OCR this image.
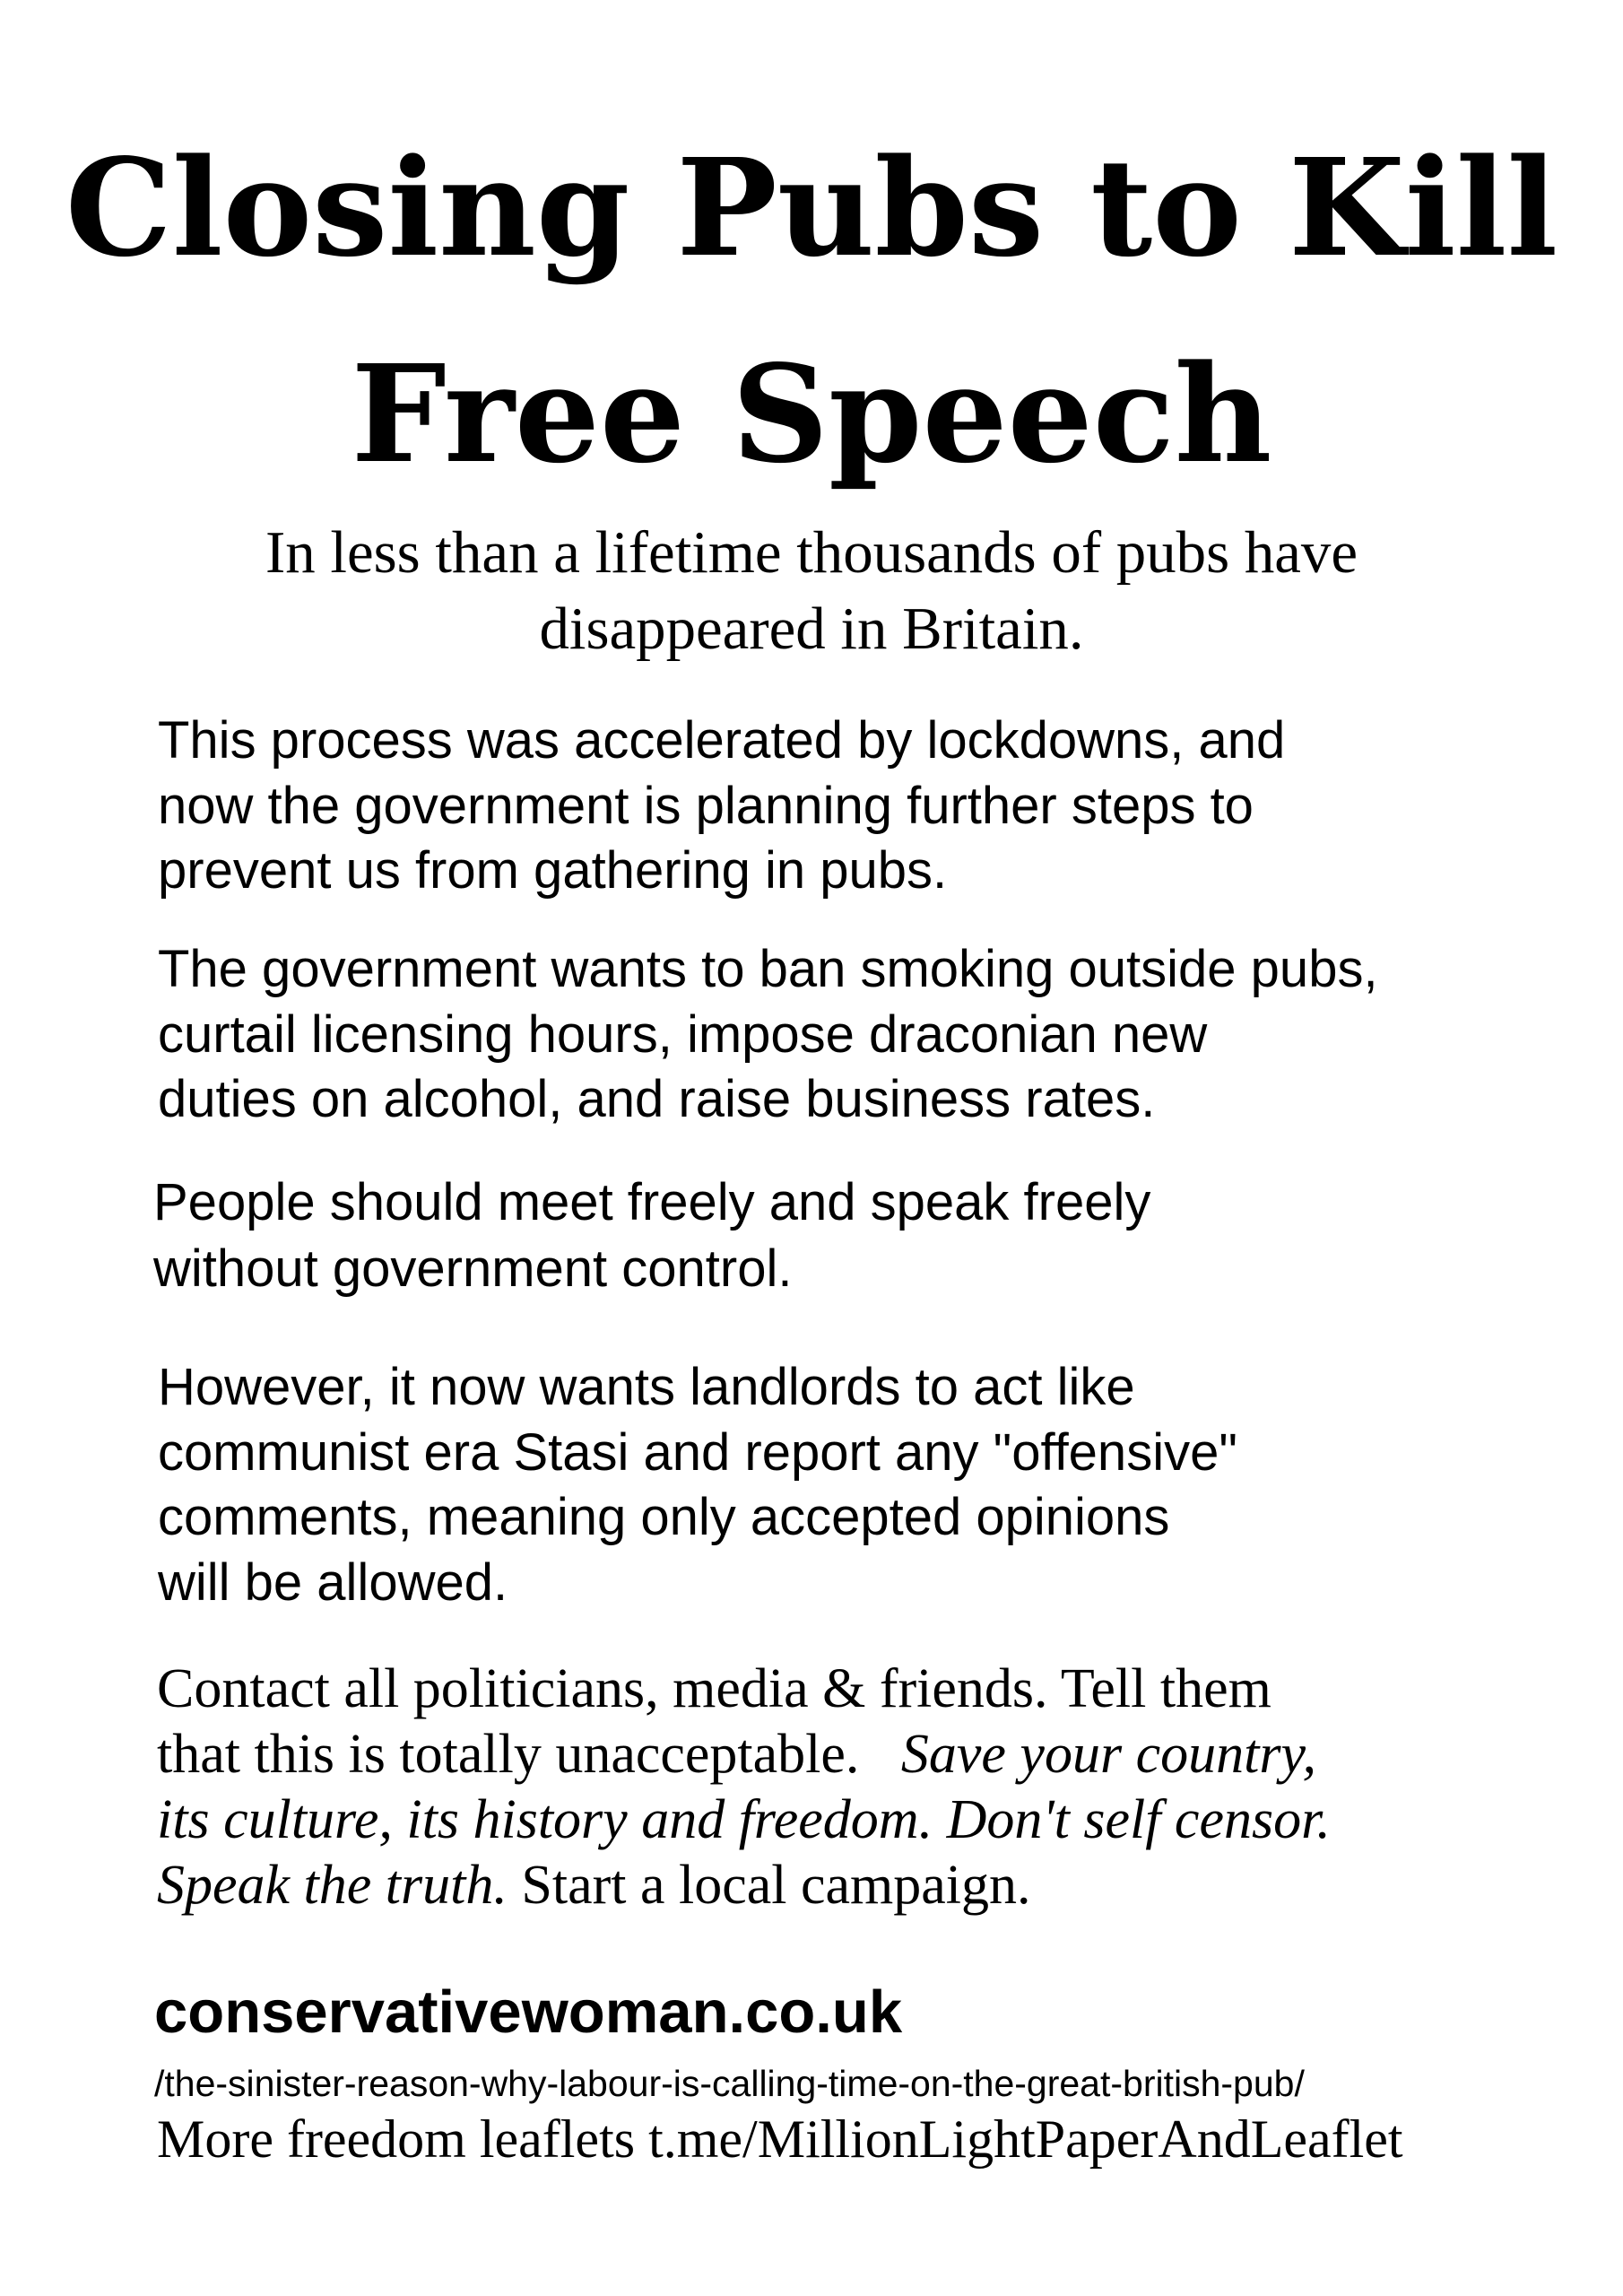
Closing Pubs to Kill
Free Speech
In less than a lifetime thousands of pubs have
disappeared in Britain.
This process was accelerated by lockdowns, and
now the government is planning further steps to
prevent us from gathering in pubs.
The government wants to ban smoking outside pubs,
curtail licensing hours, impose draconian new
duties on alcohol, and raise business rates.
People should meet freely and speak freely
without government control.
However, it now wants landlords to act like
communist era Stasi and report any "offensive"
comments, meaning only accepted opinions
will be allowed.
Contact all politicians, media & friends. Tell them
that this is totally unacceptable.   Save your country,
its culture, its history and freedom. Don't self censor.
Speak the truth. Start a local campaign.
conservativewoman.co.uk
/the-sinister-reason-why-labour-is-calling-time-on-the-great-british-pub/
More freedom leaflets t.me/MillionLightPaperAndLeaflet
